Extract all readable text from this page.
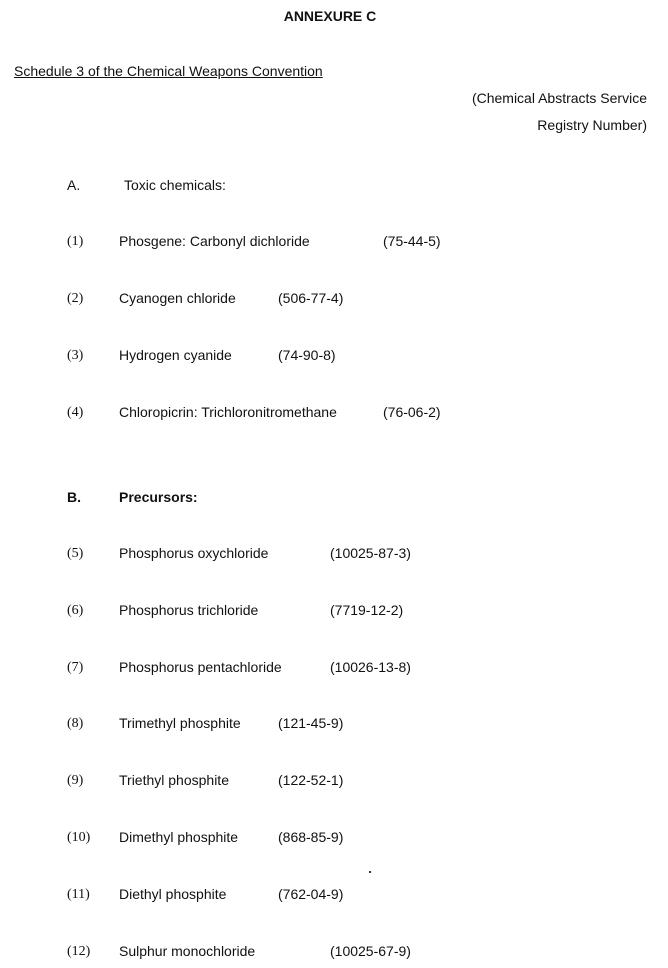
ANNEXURE C
Schedule 3 of the Chemical Weapons Convention
(Chemical Abstracts Service
Registry Number)
A.	Toxic chemicals:
(1)	Phosgene: Carbonyl dichloride	(75-44-5)
(2)	Cyanogen chloride	(506-77-4)
(3)	Hydrogen cyanide	(74-90-8)
(4)	Chloropicrin: Trichloronitromethane	(76-06-2)
B.	Precursors:
(5)	Phosphorus oxychloride	(10025-87-3)
(6)	Phosphorus trichloride	(7719-12-2)
(7)	Phosphorus pentachloride	(10026-13-8)
(8)	Trimethyl phosphite	(121-45-9)
(9)	Triethyl phosphite	(122-52-1)
(10) Dimethyl phosphite	(868-85-9)
(11) Diethyl phosphite	(762-04-9)
(12) Sulphur monochloride	(10025-67-9)
